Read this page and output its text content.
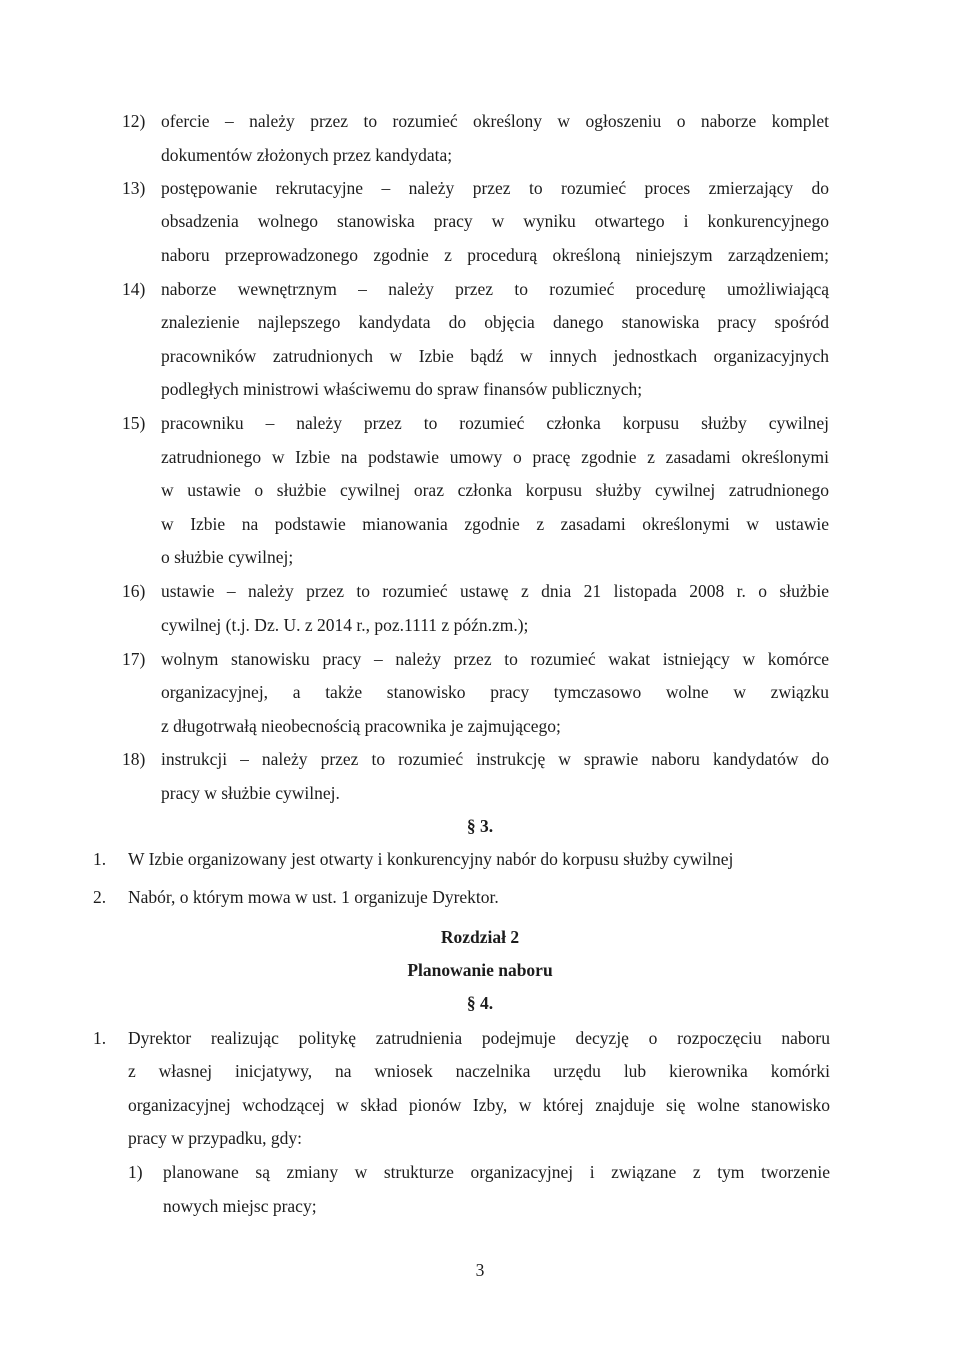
12) ofercie – należy przez to rozumieć określony w ogłoszeniu o naborze komplet
dokumentów złożonych przez kandydata;
13) postępowanie rekrutacyjne – należy przez to rozumieć proces zmierzający do
obsadzenia wolnego stanowiska pracy w wyniku otwartego i konkurencyjnego
naboru przeprowadzonego zgodnie z procedurą określoną niniejszym zarządzeniem;
14) naborze wewnętrznym – należy przez to rozumieć procedurę umożliwiającą
znalezienie najlepszego kandydata do objęcia danego stanowiska pracy spośród
pracowników zatrudnionych w Izbie bądź w innych jednostkach organizacyjnych
podległych ministrowi właściwemu do spraw finansów publicznych;
15) pracowniku – należy przez to rozumieć członka korpusu służby cywilnej
zatrudnionego w Izbie na podstawie umowy o pracę zgodnie z zasadami określonymi
w ustawie o służbie cywilnej oraz członka korpusu służby cywilnej zatrudnionego
w Izbie na podstawie mianowania zgodnie z zasadami określonymi w ustawie
o służbie cywilnej;
16) ustawie – należy przez to rozumieć ustawę z dnia 21 listopada 2008 r. o służbie
cywilnej (t.j. Dz. U. z 2014 r., poz.1111 z późn.zm.);
17) wolnym stanowisku pracy – należy przez to rozumieć wakat istniejący w komórce
organizacyjnej, a także stanowisko pracy tymczasowo wolne w związku
z długotrwałą nieobecnością pracownika je zajmującego;
18) instrukcji – należy przez to rozumieć instrukcję w sprawie naboru kandydatów do
pracy w służbie cywilnej.
§ 3.
1. W Izbie organizowany jest otwarty i konkurencyjny nabór do korpusu służby cywilnej
2. Nabór, o którym mowa w ust. 1 organizuje Dyrektor.
Rozdział 2
Planowanie naboru
§ 4.
1. Dyrektor realizując politykę zatrudnienia podejmuje decyzję o rozpoczęciu naboru
z własnej inicjatywy, na wniosek naczelnika urzędu lub kierownika komórki
organizacyjnej wchodzącej w skład pionów Izby, w której znajduje się wolne stanowisko
pracy w przypadku, gdy:
1) planowane są zmiany w strukturze organizacyjnej i związane z tym tworzenie
nowych miejsc pracy;
3
